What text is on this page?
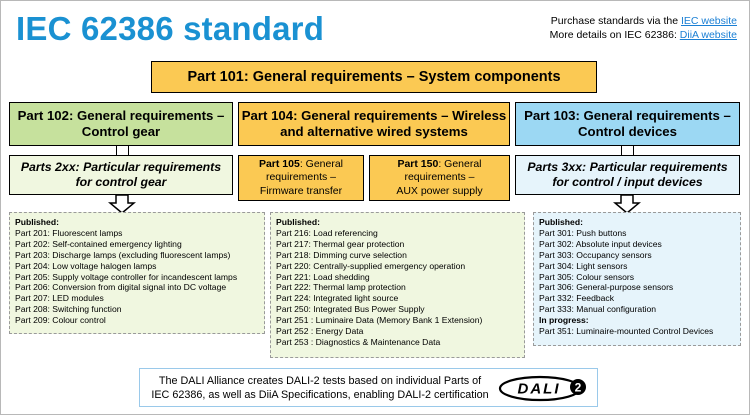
IEC 62386 standard	Purchase standards via the IEC website
More details on IEC 62386: DiiA website
Part 101: General requirements – System components
Part 102: General requirements –
Control gear
Part 104: General requirements – Wireless
and alternative wired systems
Part 103: General requirements –
Control devices
Parts 2xx: Particular requirements
for control gear
Part 105: General
requirements –
Firmware transfer
Part 150: General
requirements –
AUX power supply
Parts 3xx: Particular requirements
for control / input devices
Published:
Part 201: Fluorescent lamps
Part 202: Self-contained emergency lighting
Part 203: Discharge lamps (excluding fluorescent lamps)
Part 204: Low voltage halogen lamps
Part 205: Supply voltage controller for incandescent lamps
Part 206: Conversion from digital signal into DC voltage
Part 207: LED modules
Part 208: Switching function
Part 209: Colour control
Published:
Part 216: Load referencing
Part 217: Thermal gear protection
Part 218: Dimming curve selection
Part 220: Centrally-supplied emergency operation
Part 221: Load shedding
Part 222: Thermal lamp protection
Part 224: Integrated light source
Part 250: Integrated Bus Power Supply
Part 251 : Luminaire Data (Memory Bank 1 Extension)
Part 252 : Energy Data
Part 253 : Diagnostics & Maintenance Data
Published:
Part 301: Push buttons
Part 302: Absolute input devices
Part 303: Occupancy sensors
Part 304: Light sensors
Part 305: Colour sensors
Part 306: General-purpose sensors
Part 332: Feedback
Part 333: Manual configuration
In progress:
Part 351: Luminaire-mounted Control Devices
The DALI Alliance creates DALI-2 tests based on individual Parts of
IEC 62386, as well as DiiA Specifications, enabling DALI-2 certification DALI 2
